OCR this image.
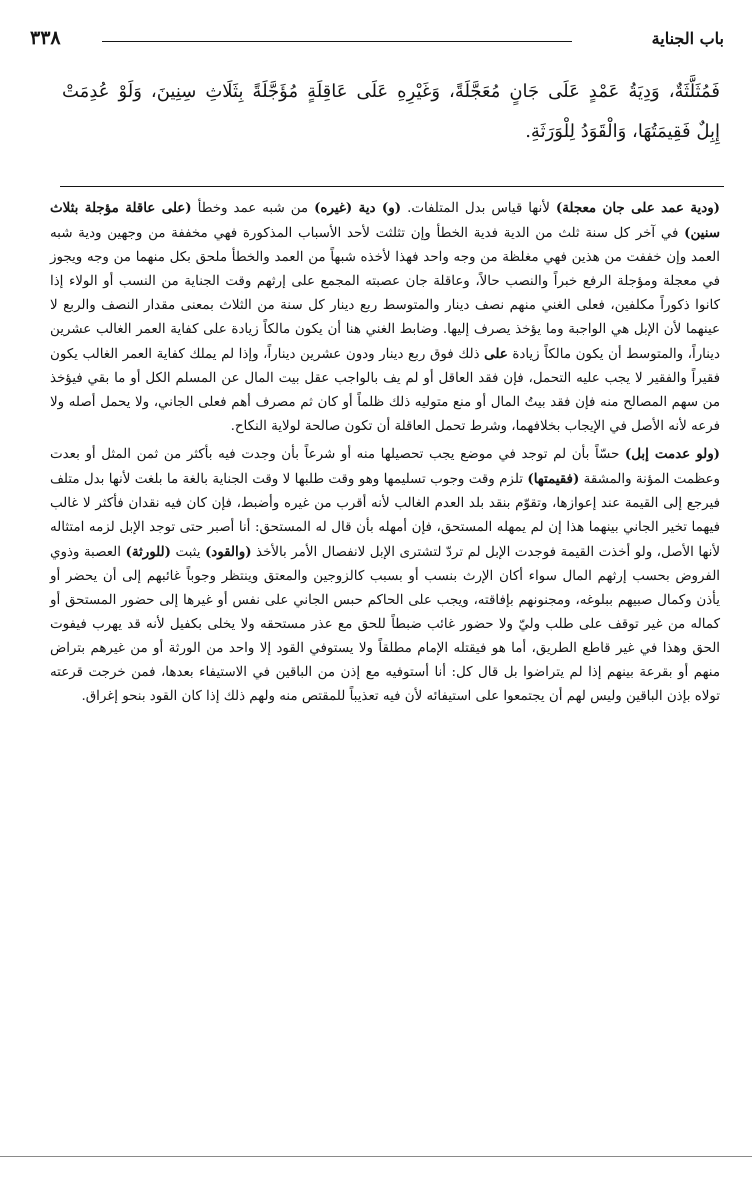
٣٣٨	باب الجناية
فَمُثَلَّثَةٌ، وَدِيَةُ عَمْدٍ عَلَى جَانٍ مُعَجَّلَةً، وَغَيْرِهِ عَلَى عَاقِلَةٍ مُؤَجَّلَةً بِثَلَاثِ سِنِينَ، وَلَوْ عُدِمَتْ
إِبِلٌ فَقِيمَتُهَا، وَالْقَوَدُ لِلْوَرَثَةِ.

(ودية عمد على جان معجلة) لأنها قياس بدل المتلفات. (و) دية (غيره) من شبه عمد وخطأ (على عاقلة مؤجلة بثلاث سنين) في آخر كل سنة ثلث من الدية فدية الخطأ وإن تثلثت لأحد الأسباب المذكورة فهي مخففة من وجهين ودية شبه العمد وإن خففت من هذين فهي مغلظة من وجه واحد فهذا لأخذه شبهاً من العمد والخطأ ملحق بكل منهما من وجه ويجوز في معجلة ومؤجلة الرفع خبراً والنصب حالاً، وعاقلة جان عصبته المجمع على إرثهم وقت الجناية من النسب أو الولاء إذا كانوا ذكوراً مكلفين، فعلى الغني منهم نصف دينار والمتوسط ربع دينار كل سنة من الثلاث بمعنى مقدار النصف والربع لا عينهما لأن الإبل هي الواجبة وما يؤخذ يصرف إليها. وضابط الغني هنا أن يكون مالكاً زيادة على كفاية العمر الغالب عشرين ديناراً، والمتوسط أن يكون مالكاً زيادة على ذلك فوق ربع دينار ودون عشرين ديناراً، وإذا لم يملك كفاية العمر الغالب يكون فقيراً والفقير لا يجب عليه التحمل، فإن فقد العاقل أو لم يف بالواجب عقل بيت المال عن المسلم الكل أو ما بقي فيؤخذ من سهم المصالح منه فإن فقد بيتُ المال أو منع متوليه ذلك ظلماً أو كان ثم مصرف أهم فعلى الجاني، ولا يحمل أصله ولا فرعه لأنه الأصل في الإيجاب بخلافهما، وشرط تحمل العاقلة أن تكون صالحة لولاية النكاح.

(ولو عدمت إبل) حسّاً بأن لم توجد في موضع يجب تحصيلها منه أو شرعاً بأن وجدت فيه بأكثر من ثمن المثل أو بعدت وعظمت المؤنة والمشقة (فقيمتها) تلزم وقت وجوب تسليمها وهو وقت طلبها لا وقت الجناية بالغة ما بلغت لأنها بدل متلف فيرجع إلى القيمة عند إعوازها، وتقوّم بنقد بلد العدم الغالب لأنه أقرب من غيره وأضبط، فإن كان فيه نقدان فأكثر لا غالب فيهما تخير الجاني بينهما هذا إن لم يمهله المستحق، فإن أمهله بأن قال له المستحق: أنا أصبر حتى توجد الإبل لزمه امتثاله لأنها الأصل، ولو أخذت القيمة فوجدت الإبل لم تردّ لتشترى الإبل لانفصال الأمر بالأخذ (والقود) يثبت (للورثة) العصبة وذوي الفروض بحسب إرثهم المال سواء أكان الإرث بنسب أو بسبب كالزوجين والمعتق وينتظر وجوباً غائبهم إلى أن يحضر أو يأذن وكمال صبيهم ببلوغه، ومجنونهم بإفاقته، ويجب على الحاكم حبس الجاني على نفس أو غيرها إلى حضور المستحق أو كماله من غير توقف على طلب وليّ ولا حضور غائب ضبطاً للحق مع عذر مستحقه ولا يخلى بكفيل لأنه قد يهرب فيفوت الحق وهذا في غير قاطع الطريق، أما هو فيقتله الإمام مطلقاً ولا يستوفي القود إلا واحد من الورثة أو من غيرهم بتراض منهم أو بقرعة بينهم إذا لم يتراضوا بل قال كل: أنا أستوفيه مع إذن من الباقين في الاستيفاء بعدها، فمن خرجت قرعته تولاه بإذن الباقين وليس لهم أن يجتمعوا على استيفائه لأن فيه تعذيباً للمقتص منه ولهم ذلك إذا كان القود بنحو إغراق.
